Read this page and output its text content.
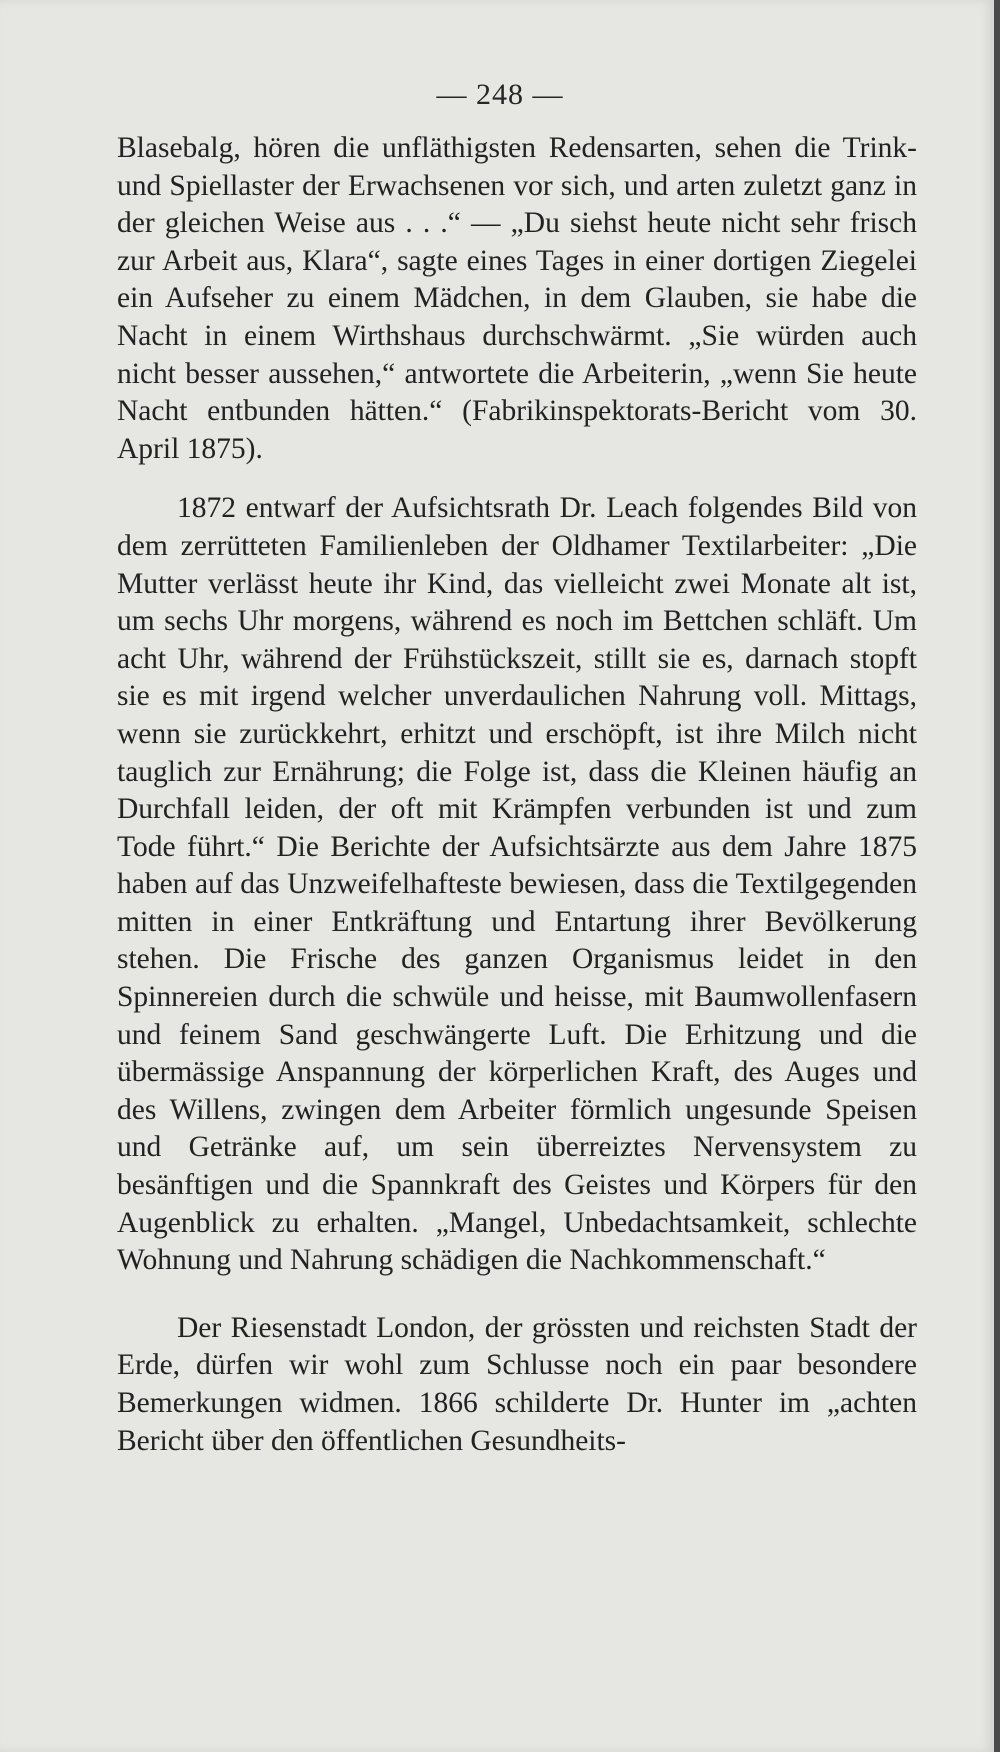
— 248 —

Blasebalg, hören die unfläthigsten Redensarten, sehen die Trink- und Spiellaster der Erwachsenen vor sich, und arten zuletzt ganz in der gleichen Weise aus . . .“ — „Du siehst heute nicht sehr frisch zur Arbeit aus, Klara“, sagte eines Tages in einer dortigen Ziegelei ein Aufseher zu einem Mädchen, in dem Glauben, sie habe die Nacht in einem Wirthshaus durchschwärmt. „Sie würden auch nicht besser aussehen,“ antwortete die Arbeiterin, „wenn Sie heute Nacht entbunden hätten.“ (Fabrikinspektorats-Bericht vom 30. April 1875).

1872 entwarf der Aufsichtsrath Dr. Leach folgendes Bild von dem zerrütteten Familienleben der Oldhamer Textilarbeiter: „Die Mutter verlässt heute ihr Kind, das vielleicht zwei Monate alt ist, um sechs Uhr morgens, während es noch im Bettchen schläft. Um acht Uhr, während der Frühstückszeit, stillt sie es, darnach stopft sie es mit irgend welcher unverdaulichen Nahrung voll. Mittags, wenn sie zurückkehrt, erhitzt und erschöpft, ist ihre Milch nicht tauglich zur Ernährung; die Folge ist, dass die Kleinen häufig an Durchfall leiden, der oft mit Krämpfen verbunden ist und zum Tode führt.“ Die Berichte der Aufsichtsärzte aus dem Jahre 1875 haben auf das Unzweifelhafteste bewiesen, dass die Textilgegenden mitten in einer Entkräftung und Entartung ihrer Bevölkerung stehen. Die Frische des ganzen Organismus leidet in den Spinnereien durch die schwüle und heisse, mit Baumwollenfasern und feinem Sand geschwängerte Luft. Die Erhitzung und die übermässige Anspannung der körperlichen Kraft, des Auges und des Willens, zwingen dem Arbeiter förmlich ungesunde Speisen und Getränke auf, um sein überreiztes Nervensystem zu besänftigen und die Spannkraft des Geistes und Körpers für den Augenblick zu erhalten. „Mangel, Unbedachtsamkeit, schlechte Wohnung und Nahrung schädigen die Nachkommenschaft.“

Der Riesenstadt London, der grössten und reichsten Stadt der Erde, dürfen wir wohl zum Schlusse noch ein paar besondere Bemerkungen widmen. 1866 schilderte Dr. Hunter im „achten Bericht über den öffentlichen Gesundheits-
